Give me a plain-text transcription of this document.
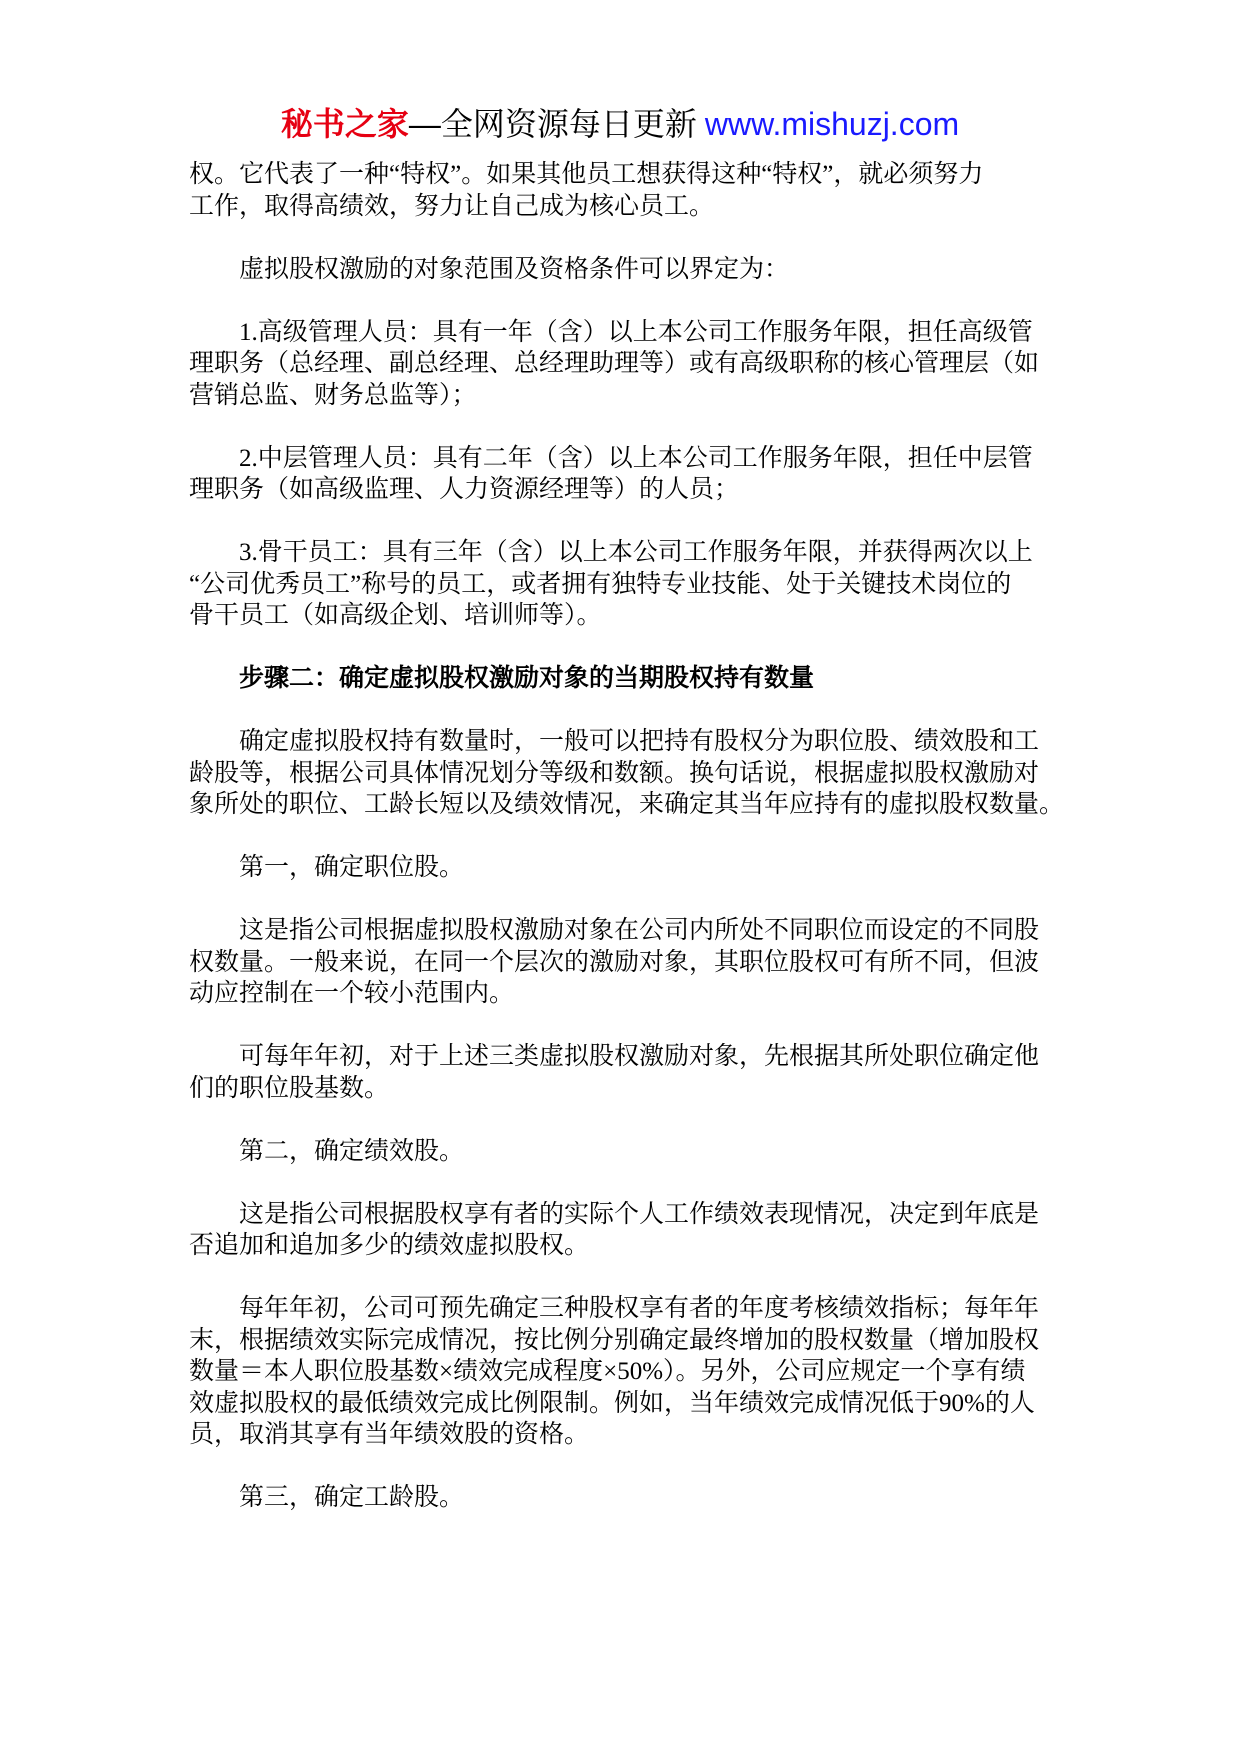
秘书之家—全网资源每日更新 www.mishuzj.com

权。它代表了一种“特权”。如果其他员工想获得这种“特权”，就必须努力
工作，取得高绩效，努力让自己成为核心员工。

虚拟股权激励的对象范围及资格条件可以界定为：

1.高级管理人员：具有一年（含）以上本公司工作服务年限，担任高级管
理职务（总经理、副总经理、总经理助理等）或有高级职称的核心管理层（如
营销总监、财务总监等）；

2.中层管理人员：具有二年（含）以上本公司工作服务年限，担任中层管
理职务（如高级监理、人力资源经理等）的人员；

3.骨干员工：具有三年（含）以上本公司工作服务年限，并获得两次以上
“公司优秀员工”称号的员工，或者拥有独特专业技能、处于关键技术岗位的
骨干员工（如高级企划、培训师等）。

步骤二：确定虚拟股权激励对象的当期股权持有数量

确定虚拟股权持有数量时，一般可以把持有股权分为职位股、绩效股和工
龄股等，根据公司具体情况划分等级和数额。换句话说，根据虚拟股权激励对
象所处的职位、工龄长短以及绩效情况，来确定其当年应持有的虚拟股权数量。

第一，确定职位股。

这是指公司根据虚拟股权激励对象在公司内所处不同职位而设定的不同股
权数量。一般来说，在同一个层次的激励对象，其职位股权可有所不同，但波
动应控制在一个较小范围内。

可每年年初，对于上述三类虚拟股权激励对象，先根据其所处职位确定他
们的职位股基数。

第二，确定绩效股。

这是指公司根据股权享有者的实际个人工作绩效表现情况，决定到年底是
否追加和追加多少的绩效虚拟股权。

每年年初，公司可预先确定三种股权享有者的年度考核绩效指标；每年年
末，根据绩效实际完成情况，按比例分别确定最终增加的股权数量（增加股权
数量＝本人职位股基数×绩效完成程度×50%）。另外，公司应规定一个享有绩
效虚拟股权的最低绩效完成比例限制。例如，当年绩效完成情况低于90%的人
员，取消其享有当年绩效股的资格。

第三，确定工龄股。
